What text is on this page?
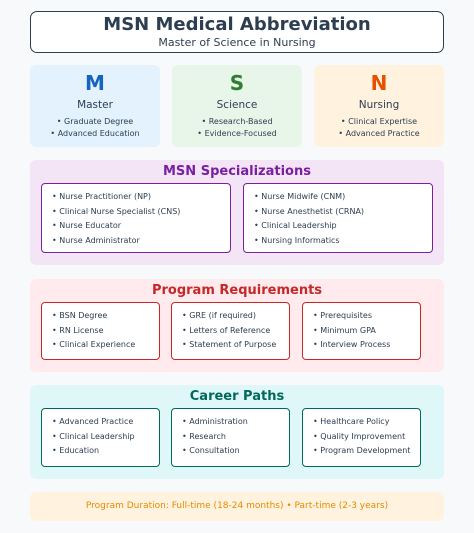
MSN Medical Abbreviation
Master of Science in Nursing
M
Master
• Graduate Degree
• Advanced Education
S
Science
• Research-Based
• Evidence-Focused
N
Nursing
• Clinical Expertise
• Advanced Practice
MSN Specializations
• Nurse Practitioner (NP)
• Clinical Nurse Specialist (CNS)
• Nurse Educator
• Nurse Administrator
• Nurse Midwife (CNM)
• Nurse Anesthetist (CRNA)
• Clinical Leadership
• Nursing Informatics
Program Requirements
• BSN Degree
• RN License
• Clinical Experience
• GRE (if required)
• Letters of Reference
• Statement of Purpose
• Prerequisites
• Minimum GPA
• Interview Process
Career Paths
• Advanced Practice
• Clinical Leadership
• Education
• Administration
• Research
• Consultation
• Healthcare Policy
• Quality Improvement
• Program Development
Program Duration: Full-time (18-24 months) • Part-time (2-3 years)
